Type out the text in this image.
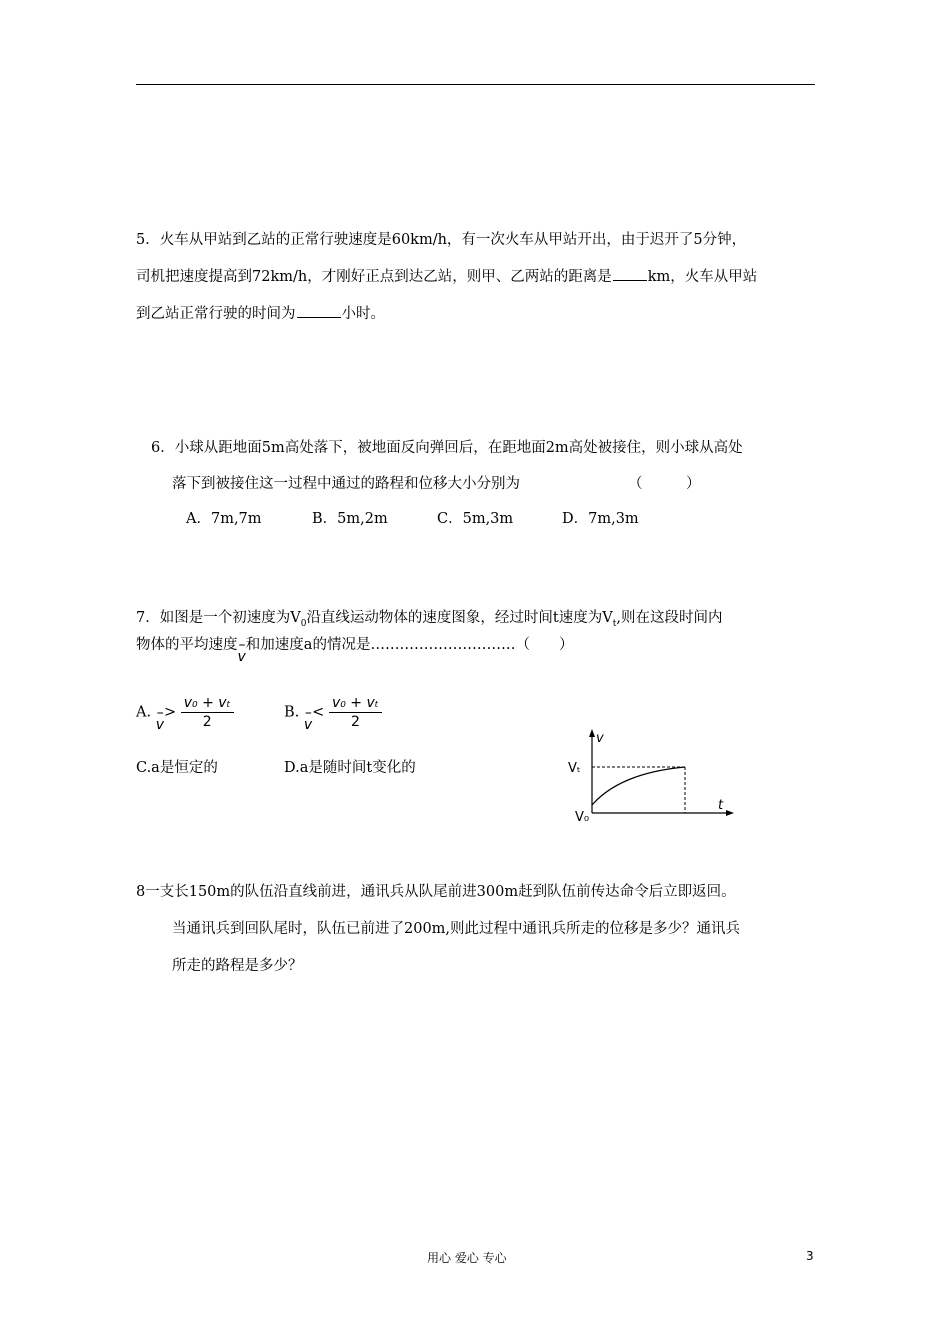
5．火车从甲站到乙站的正常行驶速度是60km/h，有一次火车从甲站开出，由于迟开了5分钟，
司机把速度提高到72km/h，才刚好正点到达乙站，则甲、乙两站的距离是 km，火车从甲站
到乙站正常行驶的时间为	小时。
6．小球从距地面5m高处落下，被地面反向弹回后，在距地面2m高处被接住，则小球从高处
落下到被接住这一过程中通过的路程和位移大小分别为	（　　　）
A．7m,7m	B．5m,2m	C．5m,3m	D．7m,3m
7．如图是一个初速度为$V_0$沿直线运动物体的速度图象，经过时间t速度为$V_t$,则在这段时间内
物体的平均速度– v和加速度a的情况是…………………………（　　）
A. – $v> \frac{\text{v₀ + vₜ}}{2}$	B. – $v< \frac{\text{v₀ + vₜ}}{2}$
C.a是恒定的	D.a是随时间t变化的
v
t
Vₜ
V₀
8一支长150m的队伍沿直线前进，通讯兵从队尾前进300m赶到队伍前传达命令后立即返回。
当通讯兵到回队尾时，队伍已前进了200m,则此过程中通讯兵所走的位移是多少？通讯兵
所走的路程是多少？
用心 爱心 专心	3
